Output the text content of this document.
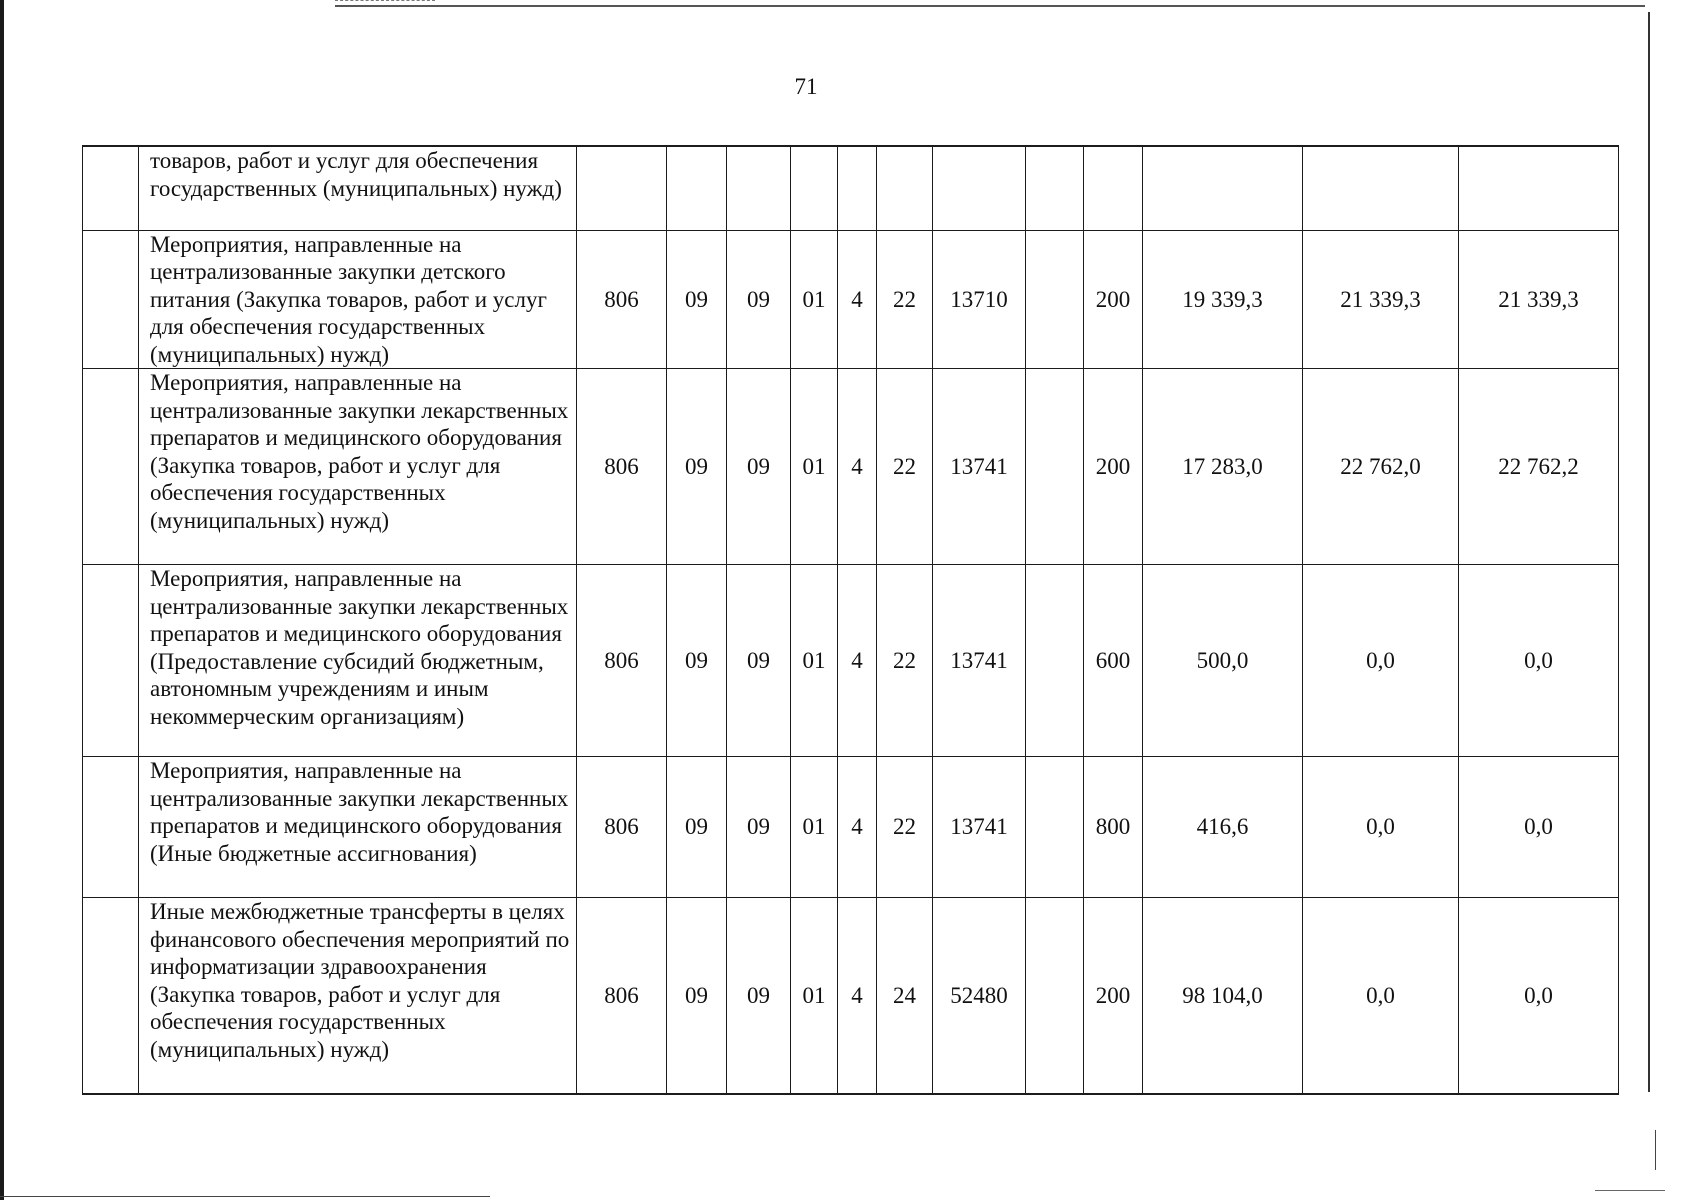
71
	товаров, работ и услуг для обеспечения государственных (муниципальных) нужд)												
	Мероприятия, направленные на централизованные закупки детского питания (Закупка товаров, работ и услуг для обеспечения государственных (муниципальных) нужд)	806	09	09	01	4	22	13710		200	19 339,3	21 339,3	21 339,3
	Мероприятия, направленные на централизованные закупки лекарственных препаратов и медицинского оборудования (Закупка товаров, работ и услуг для обеспечения государственных (муниципальных) нужд)	806	09	09	01	4	22	13741		200	17 283,0	22 762,0	22 762,2
	Мероприятия, направленные на централизованные закупки лекарственных препаратов и медицинского оборудования (Предоставление субсидий бюджетным, автономным учреждениям и иным некоммерческим организациям)	806	09	09	01	4	22	13741		600	500,0	0,0	0,0
	Мероприятия, направленные на централизованные закупки лекарственных препаратов и медицинского оборудования (Иные бюджетные ассигнования)	806	09	09	01	4	22	13741		800	416,6	0,0	0,0
	Иные межбюджетные трансферты в целях финансового обеспечения мероприятий по информатизации здравоохранения (Закупка товаров, работ и услуг для обеспечения государственных (муниципальных) нужд)	806	09	09	01	4	24	52480		200	98 104,0	0,0	0,0
